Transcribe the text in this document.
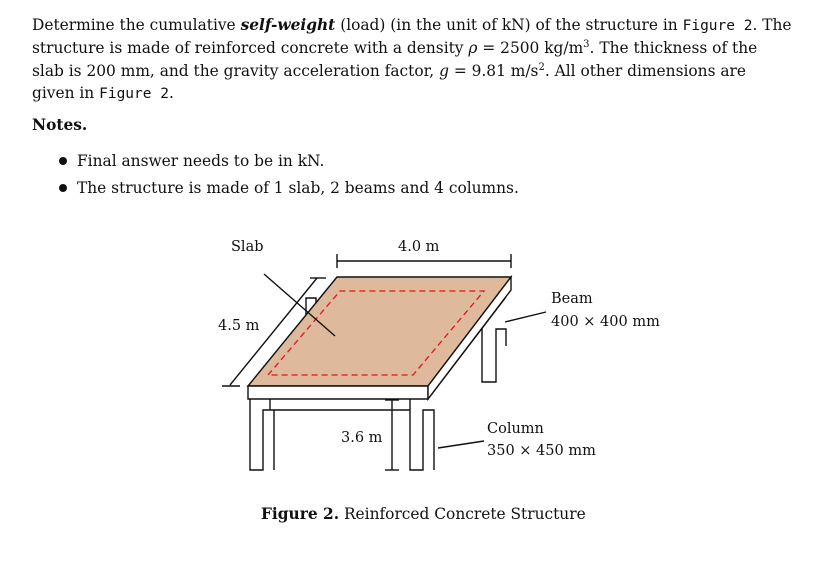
Determine the cumulative self-weight (load) (in the unit of kN) of the structure in Figure 2. The structure is made of reinforced concrete with a density ρ = 2500 $kg/m^3$. The thickness of the slab is 200 mm, and the gravity acceleration factor, g = 9.81 $m/s^2$. All other dimensions are given in Figure 2.

Notes.

Final answer needs to be in kN.
The structure is made of 1 slab, 2 beams and 4 columns.
Slab	4.0 m
4.5 m
Beam
400 × 400 mm
3.6 m
Column
350 × 450 mm
Figure 2. Reinforced Concrete Structure
